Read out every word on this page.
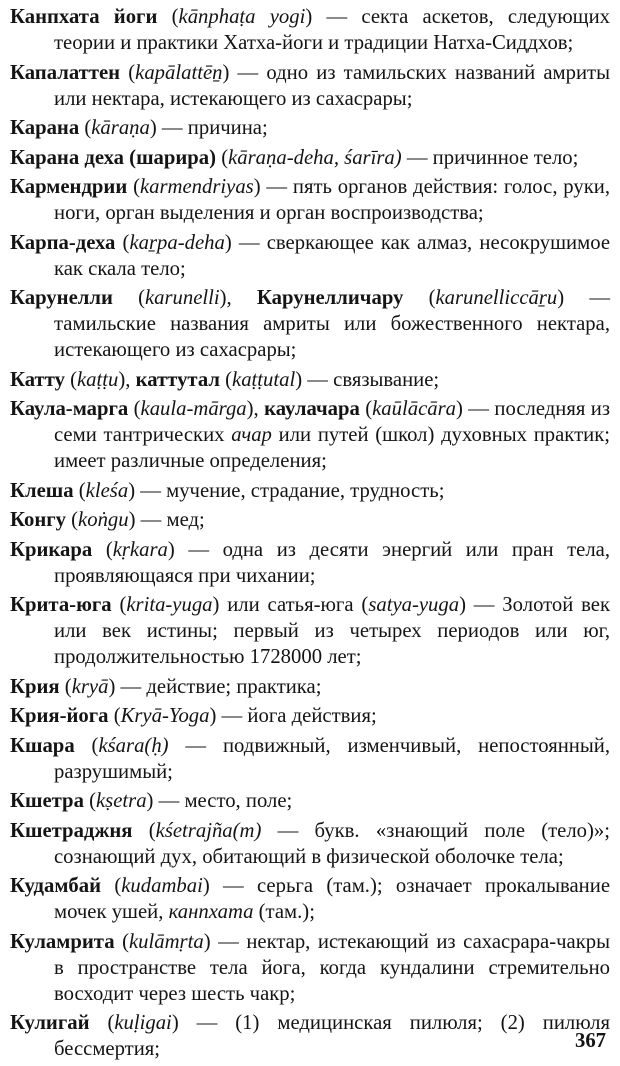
Канпхата йоги (kānphaṭa yogi) — секта аскетов, следующих теории и практики Хатха-йоги и традиции Натха-Сиддхов;

Капалаттен (kapālattēṉ) — одно из тамильских названий амриты или нектара, истекающего из сахасрары;

Карана (kāraṇa) — причина;

Карана деха (шарира) (kāraṇa-deha, śarīra) — причинное тело;

Кармендрии (karmendriyas) — пять органов действия: голос, руки, ноги, орган выделения и орган воспроизводства;

Карпа-деха (kaṟpa-deha) — сверкающее как алмаз, несокрушимое как скала тело;

Карунелли (karunelli), Карунелличару (karunelliccāṟu) — тамильские названия амриты или божественного нектара, истекающего из сахасрары;

Катту (kaṭṭu), каттутал (kaṭṭutal) — связывание;

Каула-марга (kaula-mārga), каулачара (kaūlācāra) — последняя из семи тантрических ачар или путей (школ) духовных практик; имеет различные определения;

Клеша (kleśa) — мучение, страдание, трудность;

Конгу (koṅgu) — мед;

Крикара (kṛkara) — одна из десяти энергий или пран тела, проявляющаяся при чихании;

Крита-юга (krita-yuga) или сатья-юга (satya-yuga) — Золотой век или век истины; первый из четырех периодов или юг, продолжительностью 1728000 лет;

Крия (kryā) — действие; практика;

Крия-йога (Kryā-Yoga) — йога действия;

Кшара (kśara(ḥ) — подвижный, изменчивый, непостоянный, разрушимый;

Кшетра (kṣetra) — место, поле;

Кшетраджня (kśetrajña(m) — букв. «знающий поле (тело)»; сознающий дух, обитающий в физической оболочке тела;

Кудамбай (kudambai) — серьга (там.); означает прокалывание мочек ушей, канпхата (там.);

Куламрита (kulāmṛta) — нектар, истекающий из сахасрара-чакры в пространстве тела йога, когда кундалини стремительно восходит через шесть чакр;

Кулигай (kuḷigai) — (1) медицинская пилюля; (2) пилюля бессмертия;	367
